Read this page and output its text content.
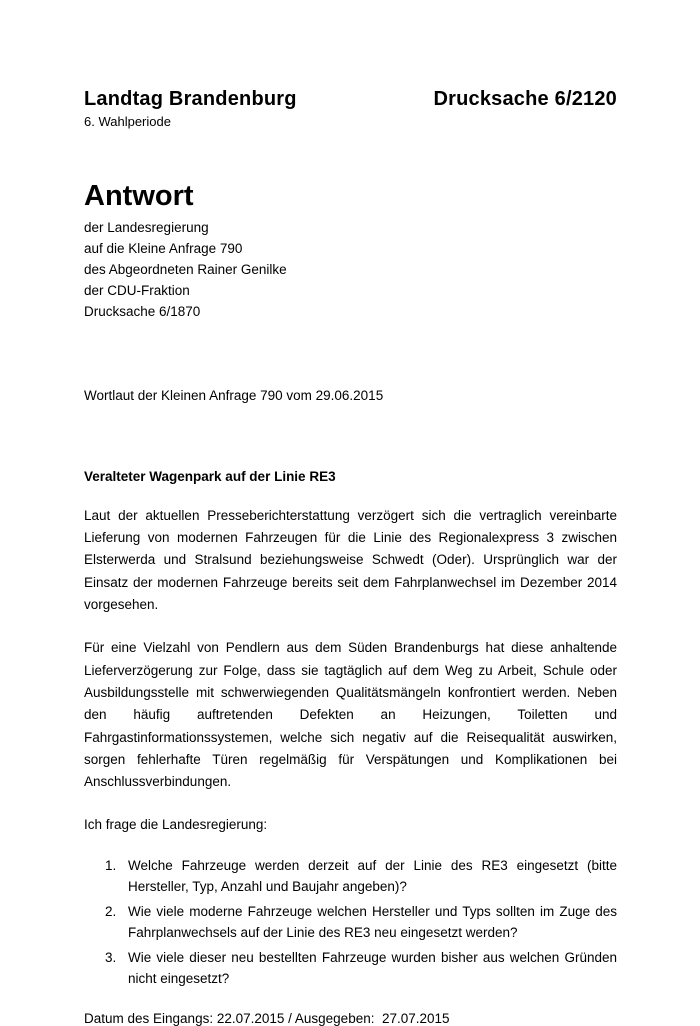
Landtag Brandenburg	Drucksache 6/2120
6. Wahlperiode
Antwort
der Landesregierung
auf die Kleine Anfrage 790
des Abgeordneten Rainer Genilke
der CDU-Fraktion
Drucksache 6/1870

Wortlaut der Kleinen Anfrage 790 vom 29.06.2015

Veralteter Wagenpark auf der Linie RE3

Laut der aktuellen Presseberichterstattung verzögert sich die vertraglich vereinbarte Lieferung von modernen Fahrzeugen für die Linie des Regionalexpress 3 zwischen Elsterwerda und Stralsund beziehungsweise Schwedt (Oder). Ursprünglich war der Einsatz der modernen Fahrzeuge bereits seit dem Fahrplanwechsel im Dezember 2014 vorgesehen.

Für eine Vielzahl von Pendlern aus dem Süden Brandenburgs hat diese anhaltende Lieferverzögerung zur Folge, dass sie tagtäglich auf dem Weg zu Arbeit, Schule oder Ausbildungsstelle mit schwerwiegenden Qualitätsmängeln konfrontiert werden. Neben den häufig auftretenden Defekten an Heizungen, Toiletten und Fahrgastinformationssystemen, welche sich negativ auf die Reisequalität auswirken, sorgen fehlerhafte Türen regelmäßig für Verspätungen und Komplikationen bei Anschlussverbindungen.

Ich frage die Landesregierung:

1. Welche Fahrzeuge werden derzeit auf der Linie des RE3 eingesetzt (bitte Hersteller, Typ, Anzahl und Baujahr angeben)?
2. Wie viele moderne Fahrzeuge welchen Hersteller und Typs sollten im Zuge des Fahrplanwechsels auf der Linie des RE3 neu eingesetzt werden?
3. Wie viele dieser neu bestellten Fahrzeuge wurden bisher aus welchen Gründen nicht eingesetzt?

Datum des Eingangs: 22.07.2015 / Ausgegeben:  27.07.2015
